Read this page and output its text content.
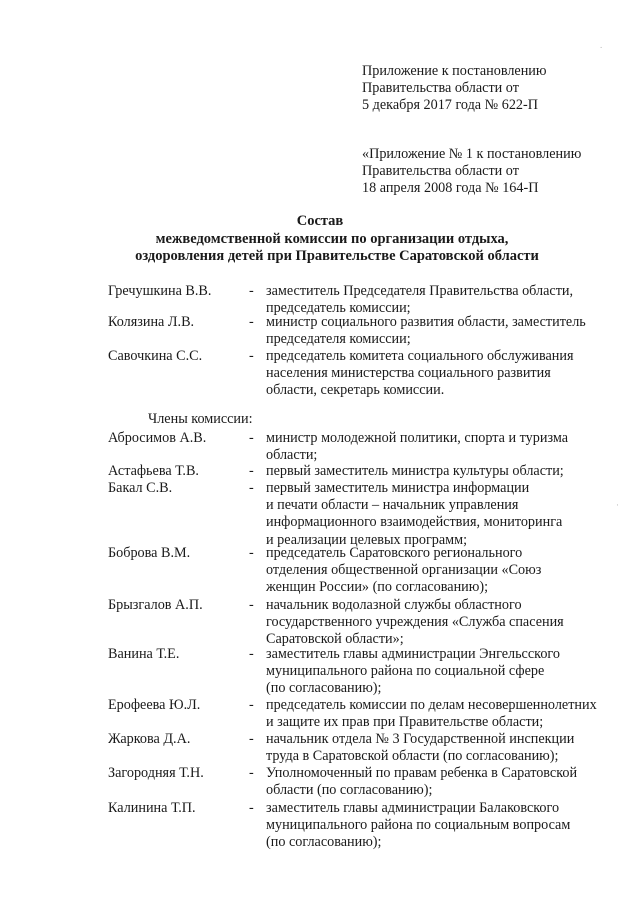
Приложение к постановлению
Правительства области от
5 декабря 2017 года № 622-П
«Приложение № 1 к постановлению
Правительства области от
18 апреля 2008 года № 164-П
Состав
межведомственной комиссии по организации отдыха,
оздоровления детей при Правительстве Саратовской области
Гречушкина В.В.	- заместитель Председателя Правительства области,
председатель комиссии;
Колязина Л.В.	- министр социального развития области, заместитель
председателя комиссии;
Савочкина С.С.	- председатель комитета социального обслуживания
населения министерства социального развития
области, секретарь комиссии.
Члены комиссии:
Абросимов А.В.	- министр молодежной политики, спорта и туризма
области;
Астафьева Т.В.	- первый заместитель министра культуры области;
Бакал С.В.	- первый заместитель министра информации
и печати области – начальник управления
информационного взаимодействия, мониторинга
и реализации целевых программ;
Боброва В.М.	- председатель Саратовского регионального
отделения общественной организации «Союз
женщин России» (по согласованию);
Брызгалов А.П.	- начальник водолазной службы областного
государственного учреждения «Служба спасения
Саратовской области»;
Ванина Т.Е.	- заместитель главы администрации Энгельсского
муниципального района по социальной сфере
(по согласованию);
Ерофеева Ю.Л.	- председатель комиссии по делам несовершеннолетних
и защите их прав при Правительстве области;
Жаркова Д.А.	- начальник отдела № 3 Государственной инспекции
труда в Саратовской области (по согласованию);
Загородняя Т.Н.	- Уполномоченный по правам ребенка в Саратовской
области (по согласованию);
Калинина Т.П.	- заместитель главы администрации Балаковского
муниципального района по социальным вопросам
(по согласованию);
.
·
